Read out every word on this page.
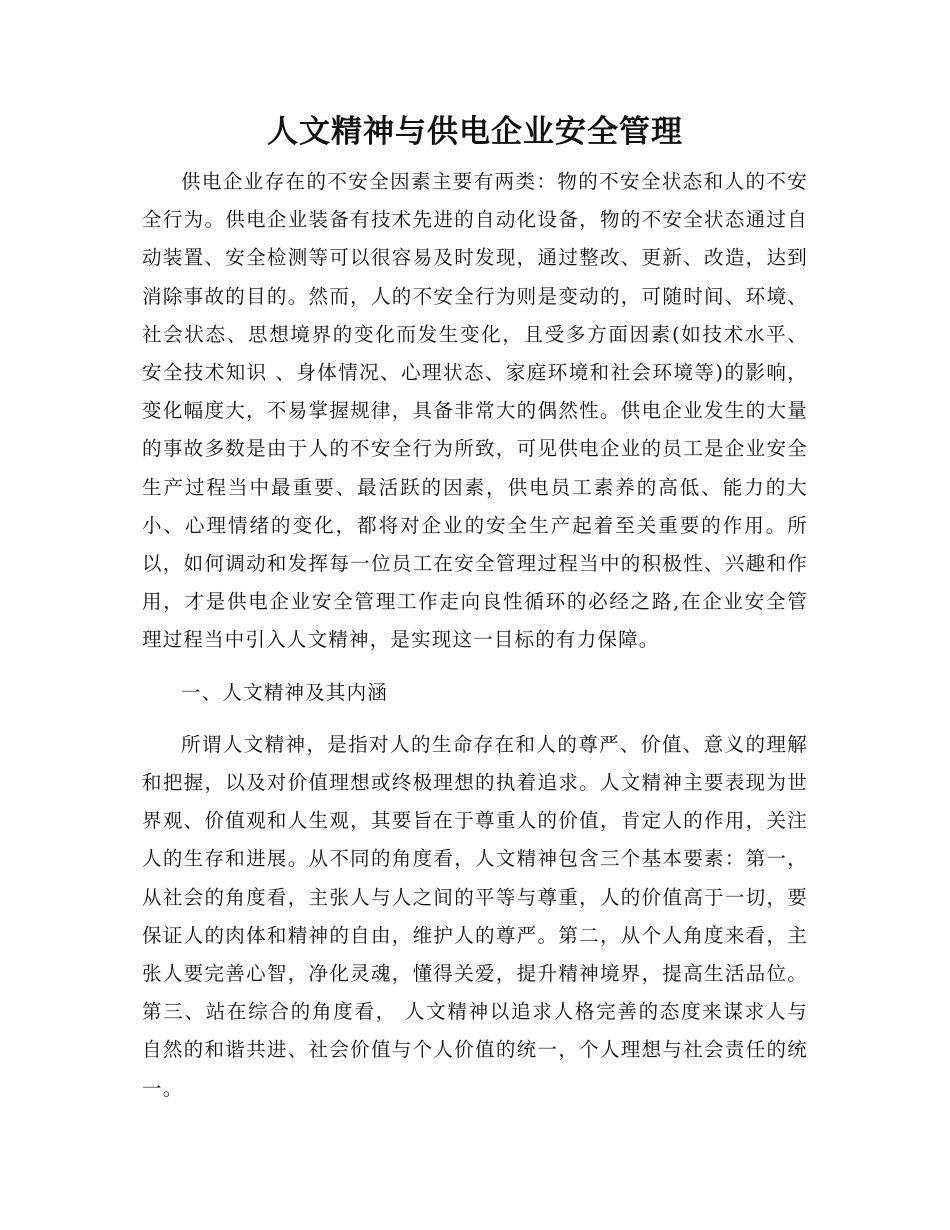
人文精神与供电企业安全管理

供电企业存在的不安全因素主要有两类：物的不安全状态和人的不安全行为。供电企业装备有技术先进的自动化设备，物的不安全状态通过自动装置、安全检测等可以很容易及时发现，通过整改、更新、改造，达到消除事故的目的。然而，人的不安全行为则是变动的，可随时间、环境、社会状态、思想境界的变化而发生变化，且受多方面因素(如技术水平、安全技术知识 、身体情况、心理状态、家庭环境和社会环境等)的影响，变化幅度大，不易掌握规律，具备非常大的偶然性。供电企业发生的大量的事故多数是由于人的不安全行为所致，可见供电企业的员工是企业安全生产过程当中最重要、最活跃的因素，供电员工素养的高低、能力的大小、心理情绪的变化，都将对企业的安全生产起着至关重要的作用。所以，如何调动和发挥每一位员工在安全管理过程当中的积极性、兴趣和作用，才是供电企业安全管理工作走向良性循环的必经之路,在企业安全管理过程当中引入人文精神，是实现这一目标的有力保障。

一、人文精神及其内涵

所谓人文精神，是指对人的生命存在和人的尊严、价值、意义的理解和把握，以及对价值理想或终极理想的执着追求。人文精神主要表现为世界观、价值观和人生观，其要旨在于尊重人的价值，肯定人的作用，关注人的生存和进展。从不同的角度看，人文精神包含三个基本要素：第一，从社会的角度看，主张人与人之间的平等与尊重，人的价值高于一切，要保证人的肉体和精神的自由，维护人的尊严。第二，从个人角度来看，主张人要完善心智，净化灵魂，懂得关爱，提升精神境界，提高生活品位。第三、站在综合的角度看， 人文精神以追求人格完善的态度来谋求人与自然的和谐共进、社会价值与个人价值的统一，个人理想与社会责任的统一。
